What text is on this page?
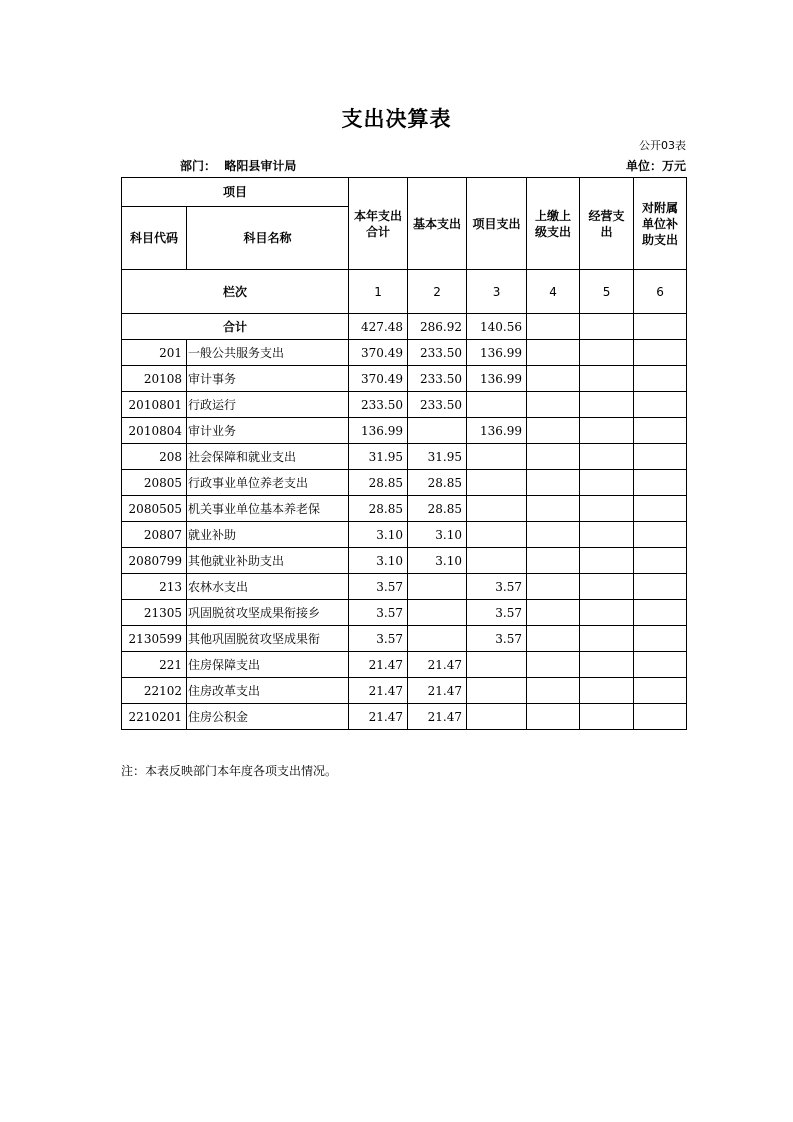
支出决算表
公开03表
部门： 略阳县审计局	单位：万元
项目		本年支出合计	基本支出	项目支出	上缴上级支出	经营支出	对附属单位补助支出
科目代码	科目名称						
栏次		1	2	3	4	5	6
合计		427.48	286.92	140.56			
201	一般公共服务支出	370.49	233.50	136.99			
20108	审计事务	370.49	233.50	136.99			
2010801	行政运行	233.50	233.50				
2010804	审计业务	136.99		136.99			
208	社会保障和就业支出	31.95	31.95				
20805	行政事业单位养老支出	28.85	28.85				
2080505	机关事业单位基本养老保	28.85	28.85				
20807	就业补助	3.10	3.10				
2080799	其他就业补助支出	3.10	3.10				
213	农林水支出	3.57		3.57			
21305	巩固脱贫攻坚成果衔接乡	3.57		3.57			
2130599	其他巩固脱贫攻坚成果衔	3.57		3.57			
221	住房保障支出	21.47	21.47				
22102	住房改革支出	21.47	21.47				
2210201	住房公积金	21.47	21.47				
注：本表反映部门本年度各项支出情况。
